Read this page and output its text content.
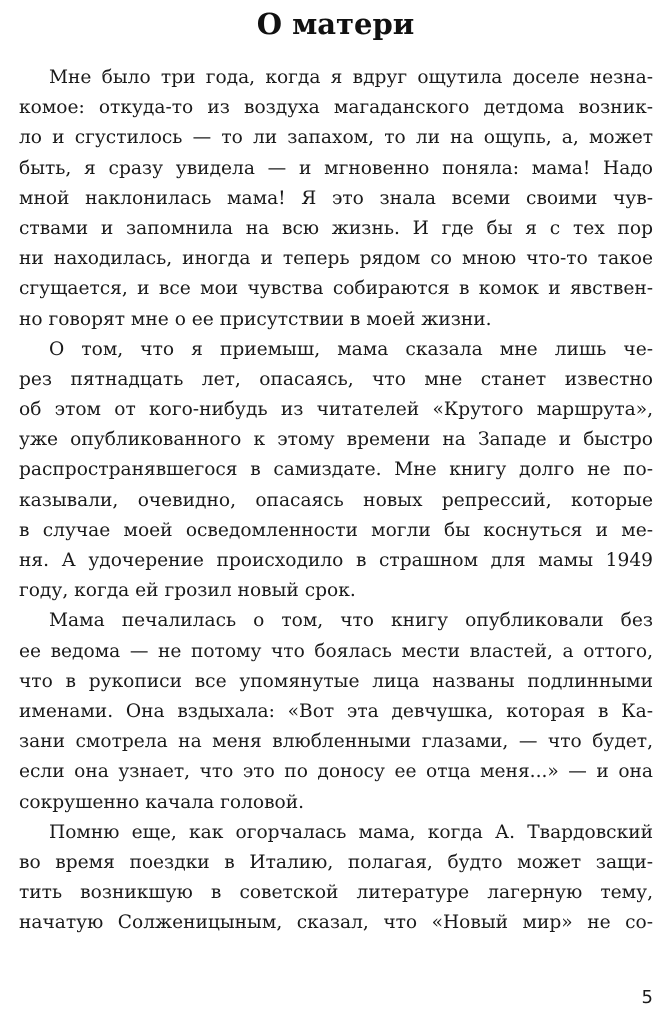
О матери
Мне было три года, когда я вдруг ощутила доселе незна-
комое: откуда-то из воздуха магаданского детдома возник-
ло и сгустилось — то ли запахом, то ли на ощупь, а, может
быть, я сразу увидела — и мгновенно поняла: мама! Надо
мной наклонилась мама! Я это знала всеми своими чув-
ствами и запомнила на всю жизнь. И где бы я с тех пор
ни находилась, иногда и теперь рядом со мною что-то такое
сгущается, и все мои чувства собираются в комок и явствен-
но говорят мне о ее присутствии в моей жизни.
О том, что я приемыш, мама сказала мне лишь че-
рез пятнадцать лет, опасаясь, что мне станет известно
об этом от кого-нибудь из читателей «Крутого маршрута»,
уже опубликованного к этому времени на Западе и быстро
распространявшегося в самиздате. Мне книгу долго не по-
казывали, очевидно, опасаясь новых репрессий, которые
в случае моей осведомленности могли бы коснуться и ме-
ня. А удочерение происходило в страшном для мамы 1949
году, когда ей грозил новый срок.
Мама печалилась о том, что книгу опубликовали без
ее ведома — не потому что боялась мести властей, а оттого,
что в рукописи все упомянутые лица названы подлинными
именами. Она вздыхала: «Вот эта девчушка, которая в Ка-
зани смотрела на меня влюбленными глазами, — что будет,
если она узнает, что это по доносу ее отца меня...» — и она
сокрушенно качала головой.
Помню еще, как огорчалась мама, когда А. Твардовский
во время поездки в Италию, полагая, будто может защи-
тить возникшую в советской литературе лагерную тему,
начатую Солженицыным, сказал, что «Новый мир» не со-
5
